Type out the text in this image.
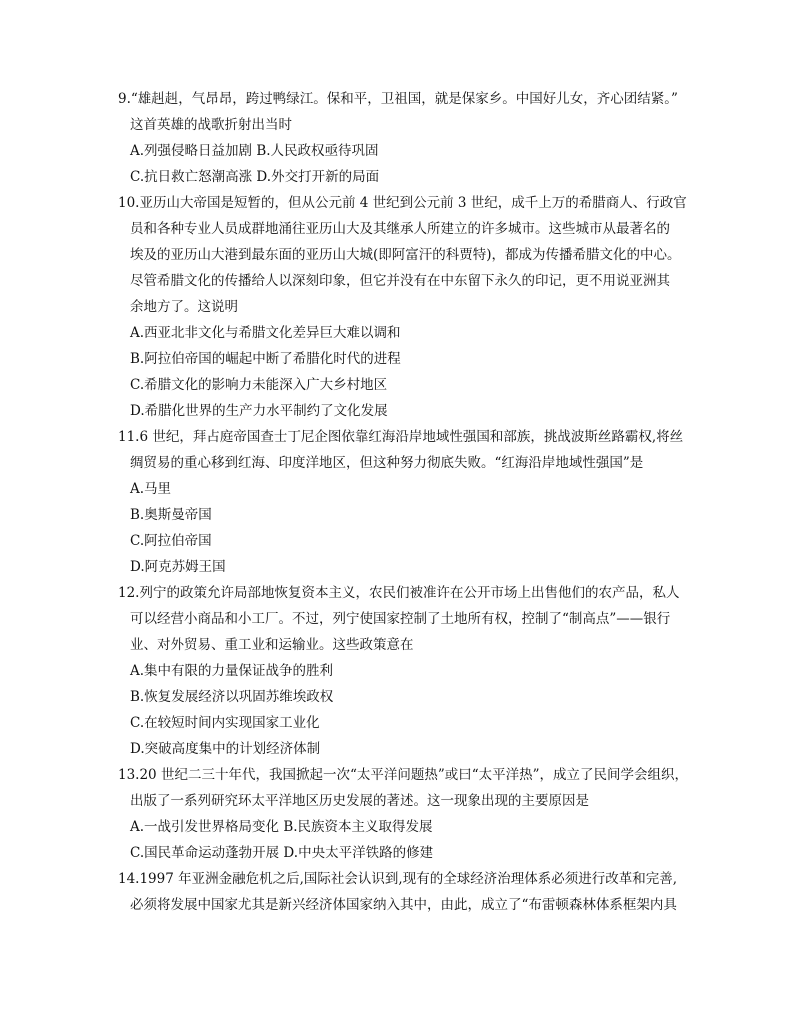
9.“雄赳赳，气昂昂，跨过鸭绿江。保和平，卫祖国，就是保家乡。中国好儿女，齐心团结紧。”
这首英雄的战歌折射出当时
A.列强侵略日益加剧 B.人民政权亟待巩固
C.抗日救亡怒潮高涨 D.外交打开新的局面
10.亚历山大帝国是短暂的，但从公元前 4 世纪到公元前 3 世纪，成千上万的希腊商人、行政官
员和各种专业人员成群地涌往亚历山大及其继承人所建立的许多城市。这些城市从最著名的
埃及的亚历山大港到最东面的亚历山大城(即阿富汗的科贾特)，都成为传播希腊文化的中心。
尽管希腊文化的传播给人以深刻印象，但它并没有在中东留下永久的印记，更不用说亚洲其
余地方了。这说明
A.西亚北非文化与希腊文化差异巨大难以调和
B.阿拉伯帝国的崛起中断了希腊化时代的进程
C.希腊文化的影响力未能深入广大乡村地区
D.希腊化世界的生产力水平制约了文化发展
11.6 世纪，拜占庭帝国查士丁尼企图依靠红海沿岸地域性强国和部族，挑战波斯丝路霸权,将丝
绸贸易的重心移到红海、印度洋地区，但这种努力彻底失败。“红海沿岸地域性强国”是
A.马里
B.奥斯曼帝国
C.阿拉伯帝国
D.阿克苏姆王国
12.列宁的政策允许局部地恢复资本主义，农民们被准许在公开市场上出售他们的农产品，私人
可以经营小商品和小工厂。不过，列宁使国家控制了土地所有权，控制了“制高点”——银行
业、对外贸易、重工业和运输业。这些政策意在
A.集中有限的力量保证战争的胜利
B.恢复发展经济以巩固苏维埃政权
C.在较短时间内实现国家工业化
D.突破高度集中的计划经济体制
13.20 世纪二三十年代，我国掀起一次“太平洋问题热”或曰“太平洋热”，成立了民间学会组织，
出版了一系列研究环太平洋地区历史发展的著述。这一现象出现的主要原因是
A.一战引发世界格局变化 B.民族资本主义取得发展
C.国民革命运动蓬勃开展 D.中央太平洋铁路的修建
14.1997 年亚洲金融危机之后,国际社会认识到,现有的全球经济治理体系必须进行改革和完善,
必须将发展中国家尤其是新兴经济体国家纳入其中，由此，成立了“布雷顿森林体系框架内具
